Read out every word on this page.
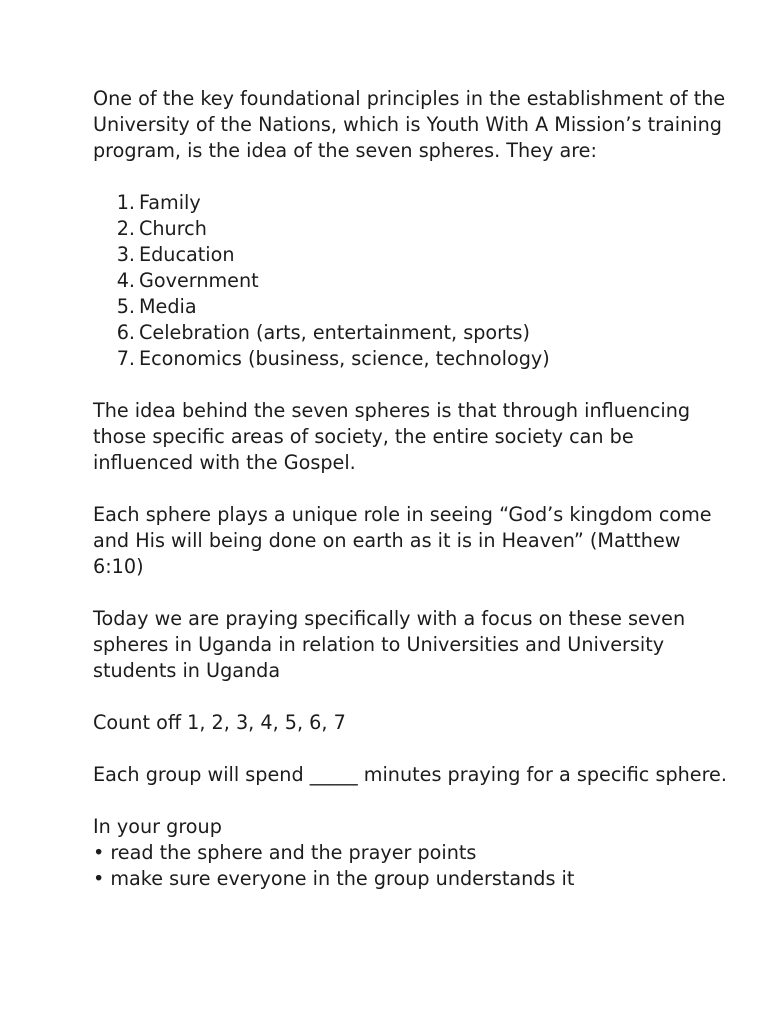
One of the key foundational principles in the establishment of the University of the Nations, which is Youth With A Mission’s training program, is the idea of the seven spheres. They are:

1. Family
2. Church
3. Education
4. Government
5. Media
6. Celebration (arts, entertainment, sports)
7. Economics (business, science, technology)

The idea behind the seven spheres is that through influencing those specific areas of society, the entire society can be influenced with the Gospel.

Each sphere plays a unique role in seeing “God’s kingdom come and His will being done on earth as it is in Heaven” (Matthew 6:10)

Today we are praying specifically with a focus on these seven spheres in Uganda in relation to Universities and University students in Uganda

Count off 1, 2, 3, 4, 5, 6, 7

Each group will spend _____ minutes praying for a specific sphere.

In your group

• read the sphere and the prayer points
• make sure everyone in the group understands it
